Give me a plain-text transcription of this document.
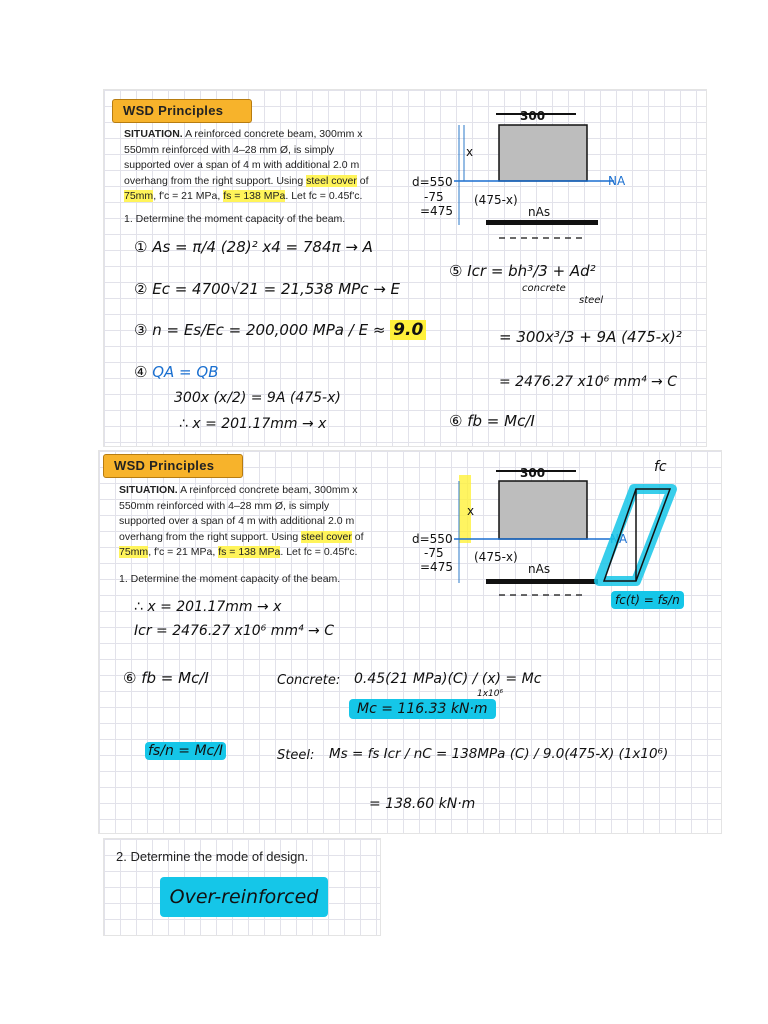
WSD Principles
SITUATION. A reinforced concrete beam, 300mm x 550mm reinforced with 4–28 mm Ø, is simply supported over a span of 4 m with additional 2.0 m overhang from the right support. Using steel cover of 75mm, f'c = 21 MPa, fs = 138 MPa. Let fc = 0.45f'c.
1. Determine the moment capacity of the beam.
① As = π/4 (28)² x4 = 784π → A
② Ec = 4700√21 = 21,538 MPc → E
③ n = Es/Ec = 200,000 MPa / E ≈ 9.0
④ QA = QB
300x (x/2) = 9A (475-x)
∴ x = 201.17mm → x
⑤ Icr = bh³/3 + Ad²
concrete
steel
= 300x³/3 + 9A (475-x)²
= 2476.27 x10⁶ mm⁴ → C
⑥ fb = Mc/I
300
NA
x
d=550
-75
=475
(475-x)
nAs
WSD Principles
SITUATION. A reinforced concrete beam, 300mm x 550mm reinforced with 4–28 mm Ø, is simply supported over a span of 4 m with additional 2.0 m overhang from the right support. Using steel cover of 75mm, f'c = 21 MPa, fs = 138 MPa. Let fc = 0.45f'c.
1. Determine the moment capacity of the beam.
∴ x = 201.17mm → x
Icr = 2476.27 x10⁶ mm⁴ → C
⑥ fb = Mc/I	Concrete: 0.45(21 MPa)(C) / (x) = Mc
1x10⁶
Mc = 116.33 kN·m
fs/n = Mc/I	Steel: Ms = fs Icr / nC = 138MPa (C) / 9.0(475-X) (1x10⁶)
= 138.60 kN·m
fc
fc(t) = fs/n
300
NA
x
d=550
-75
=475
(475-x)
nAs
2. Determine the mode of design.
Over-reinforced
